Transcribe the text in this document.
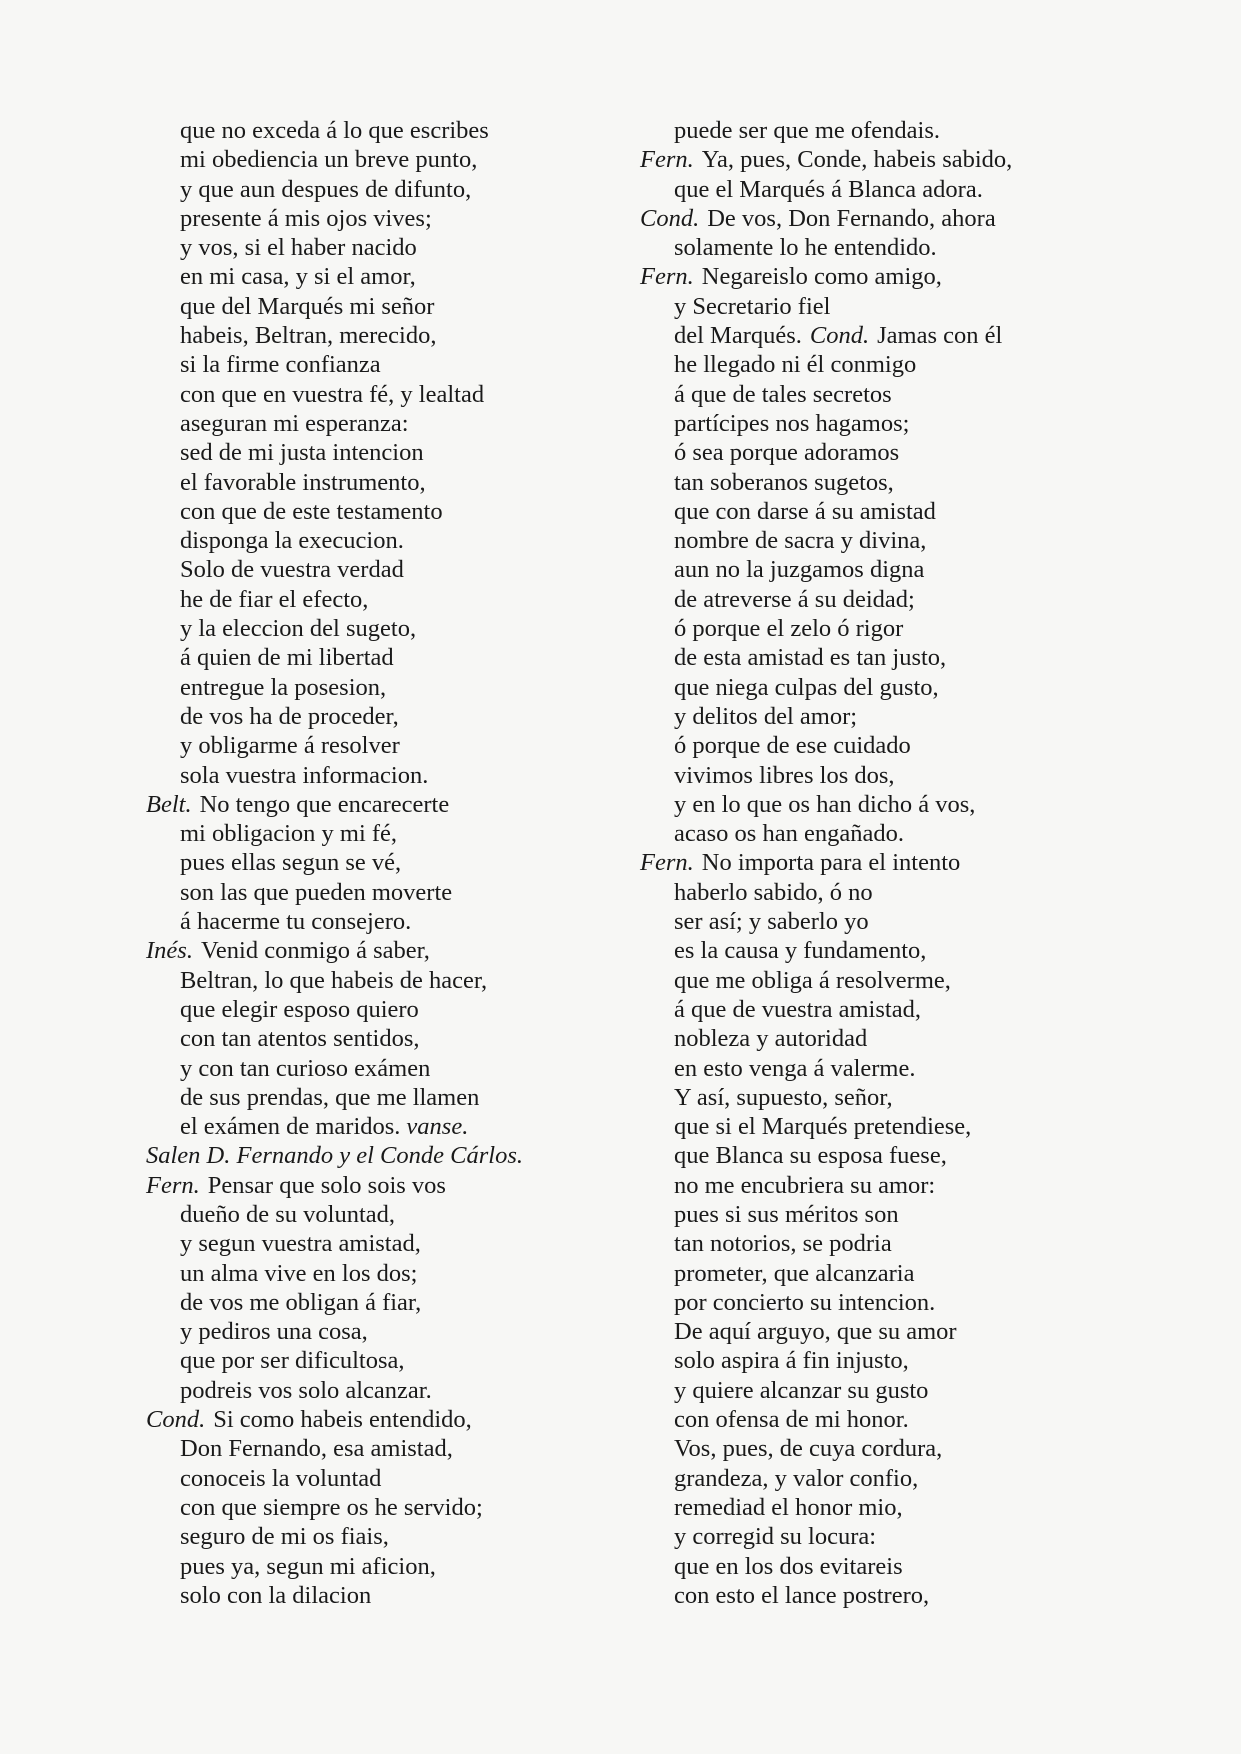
que no exceda á lo que escribes
mi obediencia un breve punto,
y que aun despues de difunto,
presente á mis ojos vives;
y vos, si el haber nacido
en mi casa, y si el amor,
que del Marqués mi señor
habeis, Beltran, merecido,
si la firme confianza
con que en vuestra fé, y lealtad
aseguran mi esperanza:
sed de mi justa intencion
el favorable instrumento,
con que de este testamento
disponga la execucion.
Solo de vuestra verdad
he de fiar el efecto,
y la eleccion del sugeto,
á quien de mi libertad
entregue la posesion,
de vos ha de proceder,
y obligarme á resolver
sola vuestra informacion.
Belt. No tengo que encarecerte
mi obligacion y mi fé,
pues ellas segun se vé,
son las que pueden moverte
á hacerme tu consejero.
Inés. Venid conmigo á saber,
Beltran, lo que habeis de hacer,
que elegir esposo quiero
con tan atentos sentidos,
y con tan curioso exámen
de sus prendas, que me llamen
el exámen de maridos. vanse.
Salen D. Fernando y el Conde Cárlos.
Fern. Pensar que solo sois vos
dueño de su voluntad,
y segun vuestra amistad,
un alma vive en los dos;
de vos me obligan á fiar,
y pediros una cosa,
que por ser dificultosa,
podreis vos solo alcanzar.
Cond. Si como habeis entendido,
Don Fernando, esa amistad,
conoceis la voluntad
con que siempre os he servido;
seguro de mi os fiais,
pues ya, segun mi aficion,
solo con la dilacion
puede ser que me ofendais.
Fern. Ya, pues, Conde, habeis sabido,
que el Marqués á Blanca adora.
Cond. De vos, Don Fernando, ahora
solamente lo he entendido.
Fern. Negareislo como amigo,
y Secretario fiel
del Marqués. Cond. Jamas con él
he llegado ni él conmigo
á que de tales secretos
partícipes nos hagamos;
ó sea porque adoramos
tan soberanos sugetos,
que con darse á su amistad
nombre de sacra y divina,
aun no la juzgamos digna
de atreverse á su deidad;
ó porque el zelo ó rigor
de esta amistad es tan justo,
que niega culpas del gusto,
y delitos del amor;
ó porque de ese cuidado
vivimos libres los dos,
y en lo que os han dicho á vos,
acaso os han engañado.
Fern. No importa para el intento
haberlo sabido, ó no
ser así; y saberlo yo
es la causa y fundamento,
que me obliga á resolverme,
á que de vuestra amistad,
nobleza y autoridad
en esto venga á valerme.
Y así, supuesto, señor,
que si el Marqués pretendiese,
que Blanca su esposa fuese,
no me encubriera su amor:
pues si sus méritos son
tan notorios, se podria
prometer, que alcanzaria
por concierto su intencion.
De aquí arguyo, que su amor
solo aspira á fin injusto,
y quiere alcanzar su gusto
con ofensa de mi honor.
Vos, pues, de cuya cordura,
grandeza, y valor confio,
remediad el honor mio,
y corregid su locura:
que en los dos evitareis
con esto el lance postrero,
